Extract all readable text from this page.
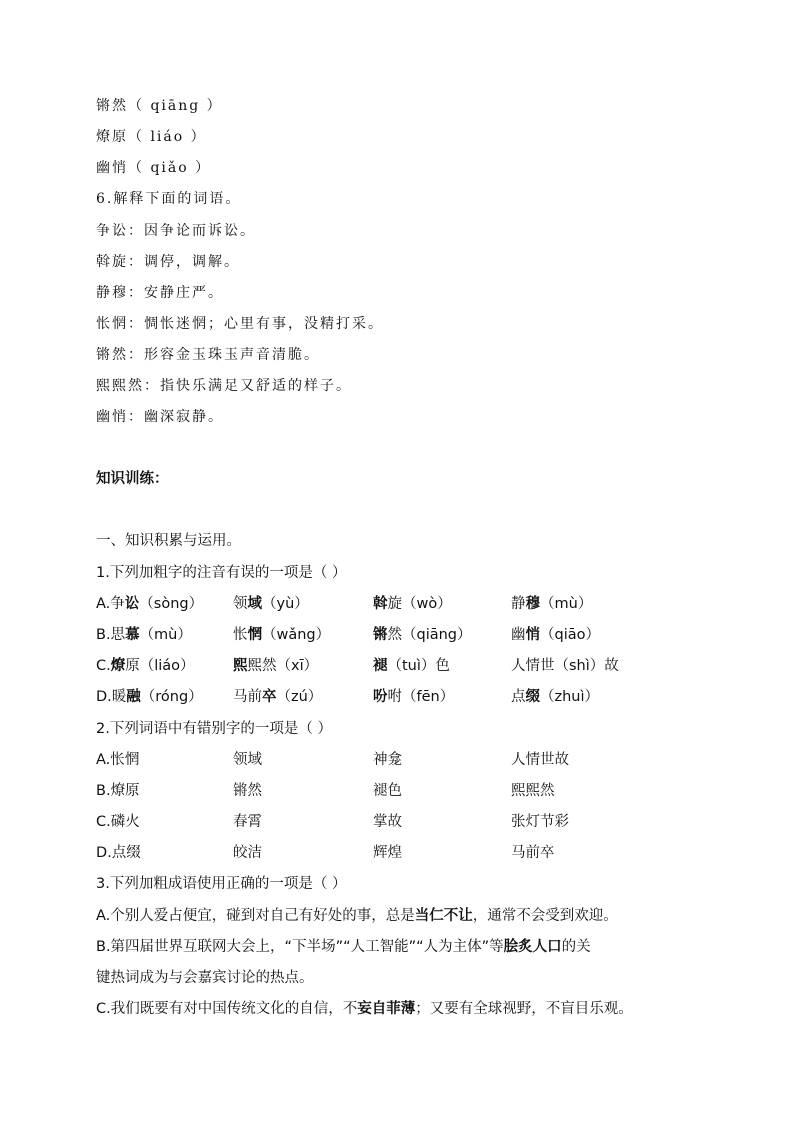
锵然（ qiāng ）
燎原（ liáo ）
幽悄（ qiǎo ）
6.解释下面的词语。
争讼：因争论而诉讼。
斡旋：调停，调解。
静穆：安静庄严。
怅惘：惆怅迷惘；心里有事，没精打采。
锵然：形容金玉珠玉声音清脆。
熙熙然：指快乐满足又舒适的样子。
幽悄：幽深寂静。
知识训练：
一、知识积累与运用。
1.下列加粗字的注音有误的一项是（ ）
A.争讼（sòng） 领域（yù）	斡旋（wò）	静穆（mù）
B.思慕（mù）	怅惘（wǎng）	锵然（qiāng）	幽悄（qiāo）
C.燎原（liáo）	熙熙然（xī）	褪（tuì）色	人情世（shì）故
D.暖融（róng） 马前卒（zú）	吩咐（fēn）	点缀（zhuì）
2.下列词语中有错别字的一项是（ ）
A.怅惘	领域	神龛	人情世故
B.燎原	锵然	褪色	熙熙然
C.磷火	春霄	掌故	张灯节彩
D.点缀	皎洁	辉煌	马前卒
3.下列加粗成语使用正确的一项是（ ）
A.个别人爱占便宜，碰到对自己有好处的事，总是当仁不让，通常不会受到欢迎。
B.第四届世界互联网大会上，“下半场”“人工智能”“人为主体”等脍炙人口的关
键热词成为与会嘉宾讨论的热点。
C.我们既要有对中国传统文化的自信，不妄自菲薄；又要有全球视野，不盲目乐观。
